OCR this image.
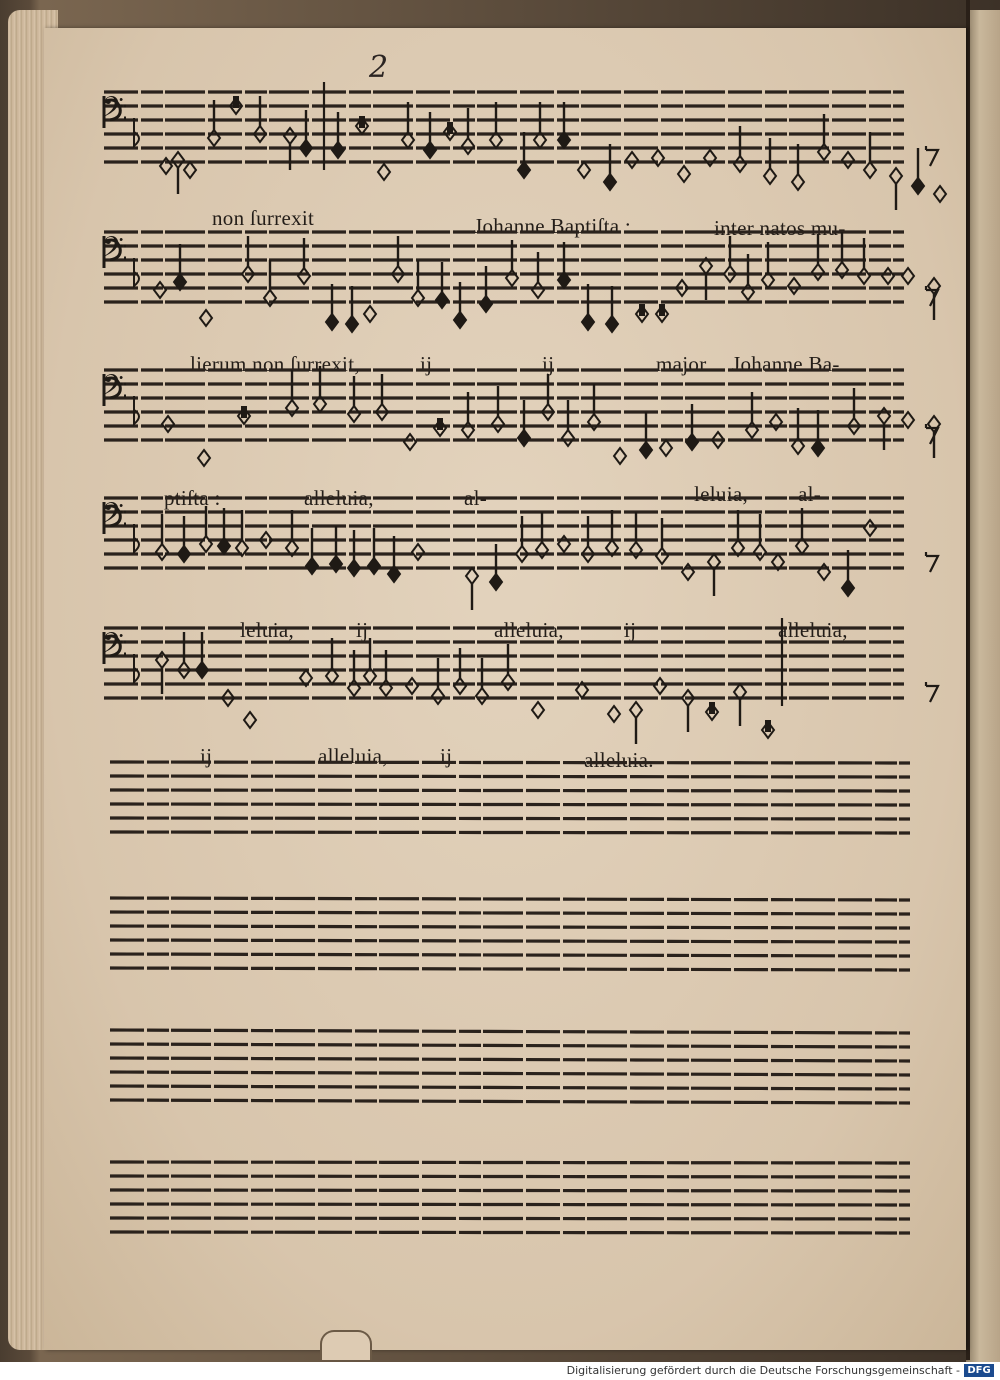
2
𝄢
non ſurrexit	Johanne Baptiſta :	inter natos mu-
𝄢
lierum non ſurrexit,	ij	ij	major Johanne Ba-
𝄢
ptiſta :	alleluia,	al-	leluia, al-
𝄢
leluia,	ij	alleluia,	ij	alleluia,
𝄢
ij	alleluia, ij	alleluia.
Digitalisierung gefördert durch die Deutsche Forschungsgemeinschaft - DFG
